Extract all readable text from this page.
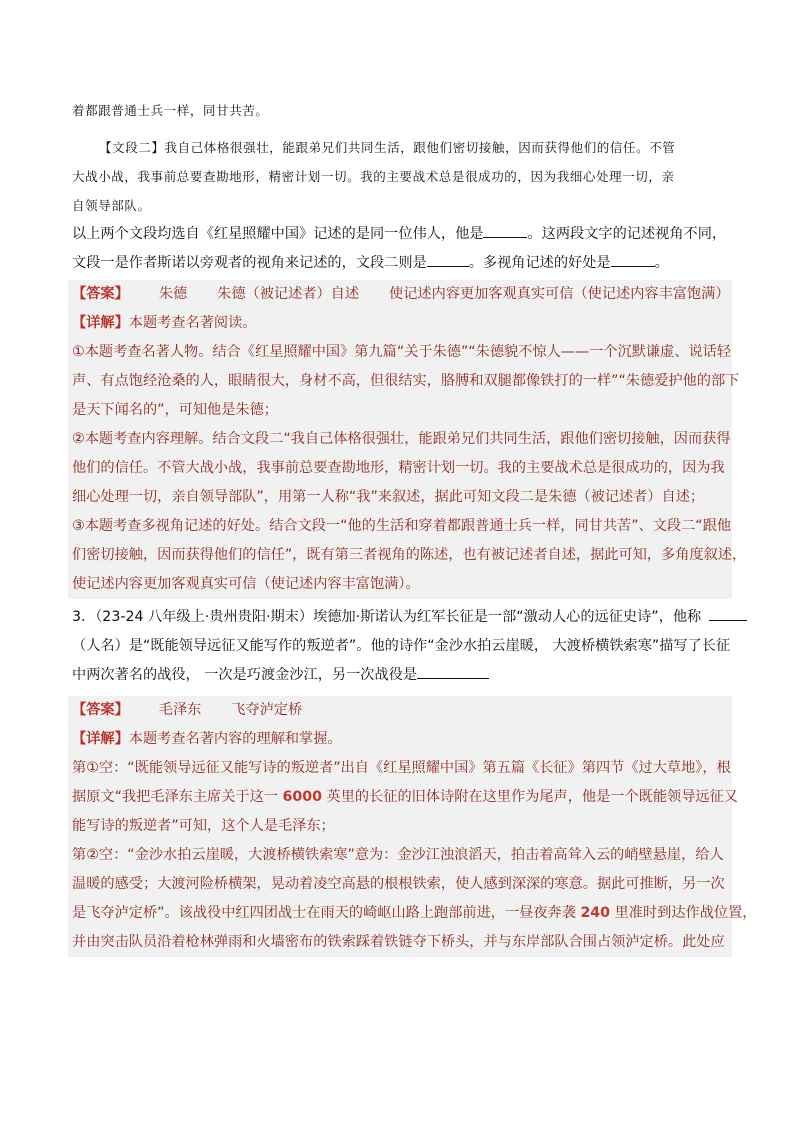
着都跟普通士兵一样，同甘共苦。
【文段二】我自己体格很强壮，能跟弟兄们共同生活，跟他们密切接触，因而获得他们的信任。不管
大战小战，我事前总要查勘地形，精密计划一切。我的主要战术总是很成功的，因为我细心处理一切，亲
自领导部队。
以上两个文段均选自《红星照耀中国》记述的是同一位伟人，他是	。这两段文字的记述视角不同，
文段一是作者斯诺以旁观者的视角来记述的，文段二则是	。多视角记述的好处是	。
【答案】 朱德 朱德（被记述者）自述 使记述内容更加客观真实可信（使记述内容丰富饱满）
【详解】本题考查名著阅读。
①本题考查名著人物。结合《红星照耀中国》第九篇“关于朱德”“朱德貌不惊人——一个沉默谦虚、说话轻
声、有点饱经沧桑的人，眼睛很大，身材不高，但很结实，胳膊和双腿都像铁打的一样”“朱德爱护他的部下
是天下闻名的”，可知他是朱德；
②本题考查内容理解。结合文段二“我自己体格很强壮，能跟弟兄们共同生活，跟他们密切接触，因而获得
他们的信任。不管大战小战，我事前总要查勘地形，精密计划一切。我的主要战术总是很成功的，因为我
细心处理一切，亲自领导部队”，用第一人称“我”来叙述，据此可知文段二是朱德（被记述者）自述；
③本题考查多视角记述的好处。结合文段一“他的生活和穿着都跟普通士兵一样，同甘共苦”、文段二“跟他
们密切接触，因而获得他们的信任”，既有第三者视角的陈述，也有被记述者自述，据此可知，多角度叙述，
使记述内容更加客观真实可信（使记述内容丰富饱满）。
3．（23-24 八年级上·贵州贵阳·期末）埃德加·斯诺认为红军长征是一部“激动人心的远征史诗”，他称
（人名）是“既能领导远征又能写作的叛逆者”。他的诗作“金沙水拍云崖暖， 大渡桥横铁索寒”描写了长征
中两次著名的战役， 一次是巧渡金沙江，另一次战役是
【答案】 毛泽东 飞夺泸定桥
【详解】本题考查名著内容的理解和掌握。
第①空：“既能领导远征又能写诗的叛逆者”出自《红星照耀中国》第五篇《长征》第四节《过大草地》，根
据原文“我把毛泽东主席关于这一 6000 英里的长征的旧体诗附在这里作为尾声，他是一个既能领导远征又
能写诗的叛逆者”可知，这个人是毛泽东；
第②空：“金沙水拍云崖暖，大渡桥横铁索寒”意为：金沙江浊浪滔天，拍击着高耸入云的峭壁悬崖，给人
温暖的感受；大渡河险桥横架，晃动着凌空高悬的根根铁索，使人感到深深的寒意。据此可推断，另一次
是飞夺泸定桥”。该战役中红四团战士在雨天的崎岖山路上跑部前进，一昼夜奔袭 240 里准时到达作战位置，
并由突击队员沿着枪林弹雨和火墙密布的铁索踩着铁链夺下桥头，并与东岸部队合围占领泸定桥。此处应
